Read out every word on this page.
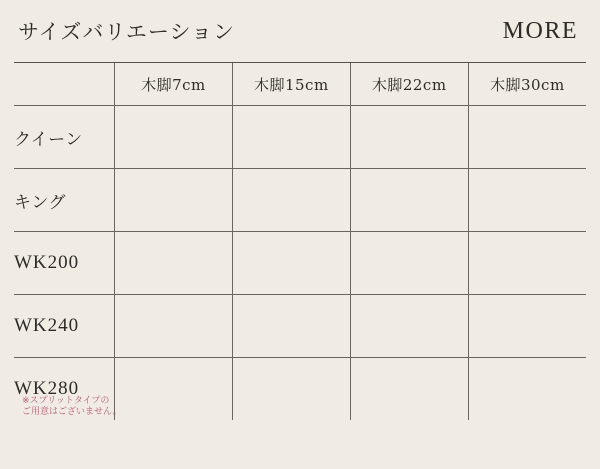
サイズバリエーション	MORE
	木脚7cm	木脚15cm	木脚22cm	木脚30cm
クイーン				
キング				
WK200				
WK240				
WK280
※スプリットタイプの
ご用意はございません。				
